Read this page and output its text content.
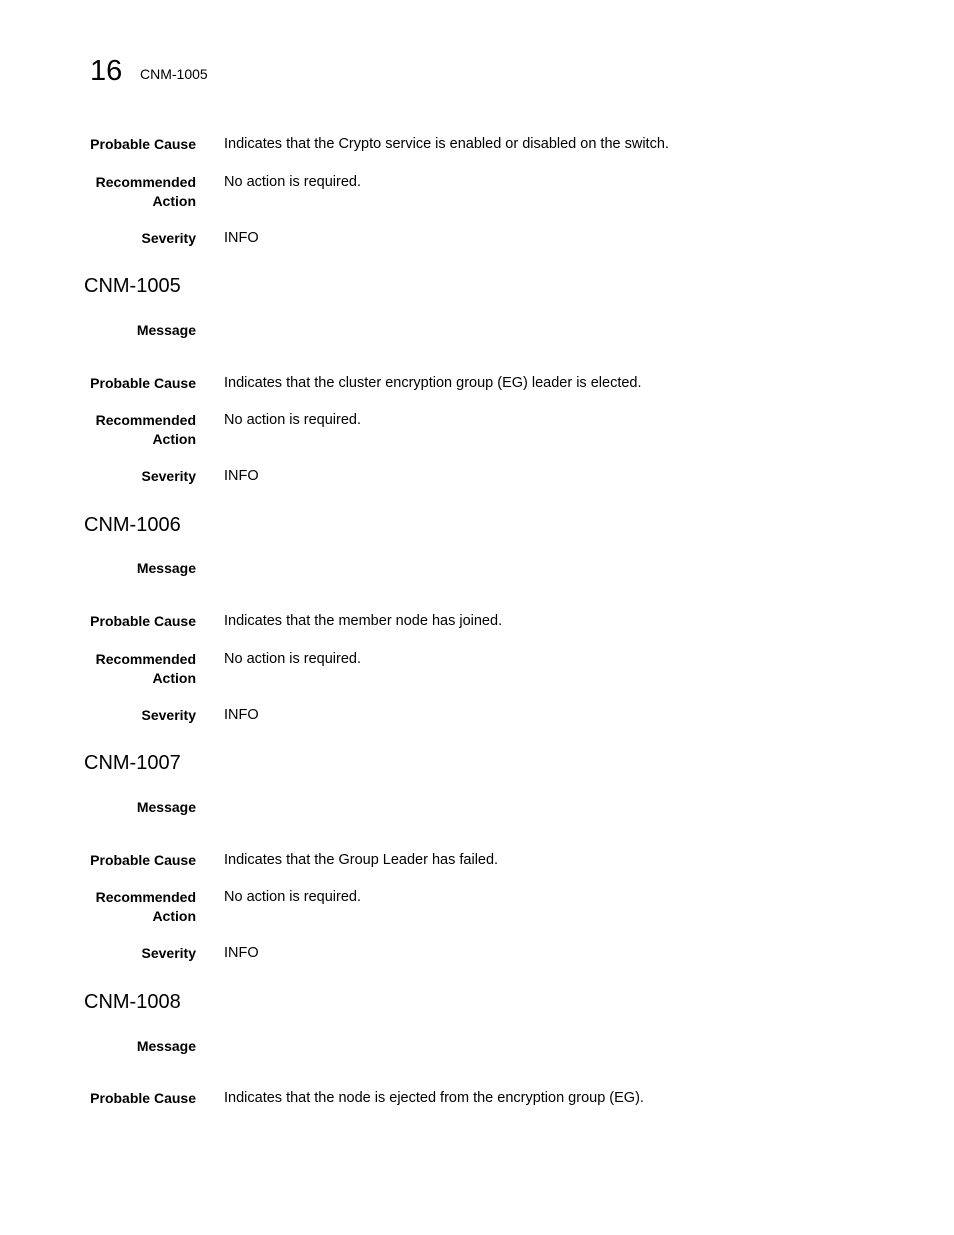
16 CNM-1005
Probable Cause Indicates that the Crypto service is enabled or disabled on the switch.
Recommended
Action
No action is required.
Severity INFO
CNM-1005
Message
Probable Cause Indicates that the cluster encryption group (EG) leader is elected.
Recommended
Action
No action is required.
Severity INFO
CNM-1006
Message
Probable Cause Indicates that the member node has joined.
Recommended
Action
No action is required.
Severity INFO
CNM-1007
Message
Probable Cause Indicates that the Group Leader has failed.
Recommended
Action
No action is required.
Severity INFO
CNM-1008
Message
Probable Cause Indicates that the node is ejected from the encryption group (EG).
